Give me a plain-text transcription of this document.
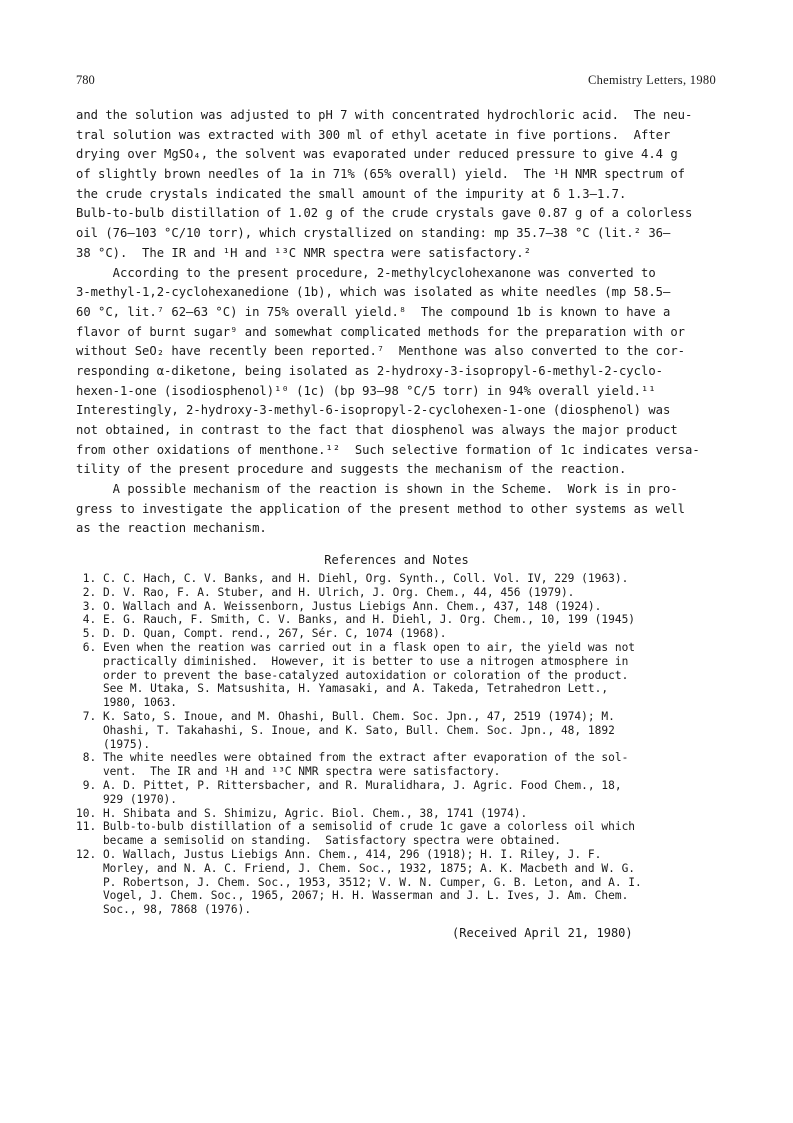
780	Chemistry Letters, 1980
and the solution was adjusted to pH 7 with concentrated hydrochloric acid.  The neu-
tral solution was extracted with 300 ml of ethyl acetate in five portions.  After
drying over MgSO₄, the solvent was evaporated under reduced pressure to give 4.4 g
of slightly brown needles of 1a in 71% (65% overall) yield.  The ¹H NMR spectrum of
the crude crystals indicated the small amount of the impurity at δ 1.3–1.7.
Bulb-to-bulb distillation of 1.02 g of the crude crystals gave 0.87 g of a colorless
oil (76–103 °C/10 torr), which crystallized on standing: mp 35.7–38 °C (lit.² 36–
38 °C).  The IR and ¹H and ¹³C NMR spectra were satisfactory.²
According to the present procedure, 2-methylcyclohexanone was converted to
3-methyl-1,2-cyclohexanedione (1b), which was isolated as white needles (mp 58.5–
60 °C, lit.⁷ 62–63 °C) in 75% overall yield.⁸  The compound 1b is known to have a
flavor of burnt sugar⁹ and somewhat complicated methods for the preparation with or
without SeO₂ have recently been reported.⁷  Menthone was also converted to the cor-
responding α-diketone, being isolated as 2-hydroxy-3-isopropyl-6-methyl-2-cyclo-
hexen-1-one (isodiosphenol)¹⁰ (1c) (bp 93–98 °C/5 torr) in 94% overall yield.¹¹
Interestingly, 2-hydroxy-3-methyl-6-isopropyl-2-cyclohexen-1-one (diosphenol) was
not obtained, in contrast to the fact that diosphenol was always the major product
from other oxidations of menthone.¹²  Such selective formation of 1c indicates versa-
tility of the present procedure and suggests the mechanism of the reaction.
A possible mechanism of the reaction is shown in the Scheme.  Work is in pro-
gress to investigate the application of the present method to other systems as well
as the reaction mechanism.
References and Notes
1. C. C. Hach, C. V. Banks, and H. Diehl, Org. Synth., Coll. Vol. IV, 229 (1963).
2. D. V. Rao, F. A. Stuber, and H. Ulrich, J. Org. Chem., 44, 456 (1979).
3. O. Wallach and A. Weissenborn, Justus Liebigs Ann. Chem., 437, 148 (1924).
4. E. G. Rauch, F. Smith, C. V. Banks, and H. Diehl, J. Org. Chem., 10, 199 (1945)
5. D. D. Quan, Compt. rend., 267, Sér. C, 1074 (1968).
6. Even when the reation was carried out in a flask open to air, the yield was not
practically diminished.  However, it is better to use a nitrogen atmosphere in
order to prevent the base-catalyzed autoxidation or coloration of the product.
See M. Utaka, S. Matsushita, H. Yamasaki, and A. Takeda, Tetrahedron Lett.,
1980, 1063.
7. K. Sato, S. Inoue, and M. Ohashi, Bull. Chem. Soc. Jpn., 47, 2519 (1974); M.
Ohashi, T. Takahashi, S. Inoue, and K. Sato, Bull. Chem. Soc. Jpn., 48, 1892
(1975).
8. The white needles were obtained from the extract after evaporation of the sol-
vent.  The IR and ¹H and ¹³C NMR spectra were satisfactory.
9. A. D. Pittet, P. Rittersbacher, and R. Muralidhara, J. Agric. Food Chem., 18,
929 (1970).
10. H. Shibata and S. Shimizu, Agric. Biol. Chem., 38, 1741 (1974).
11. Bulb-to-bulb distillation of a semisolid of crude 1c gave a colorless oil which
became a semisolid on standing.  Satisfactory spectra were obtained.
12. O. Wallach, Justus Liebigs Ann. Chem., 414, 296 (1918); H. I. Riley, J. F.
Morley, and N. A. C. Friend, J. Chem. Soc., 1932, 1875; A. K. Macbeth and W. G.
P. Robertson, J. Chem. Soc., 1953, 3512; V. W. N. Cumper, G. B. Leton, and A. I.
Vogel, J. Chem. Soc., 1965, 2067; H. H. Wasserman and J. L. Ives, J. Am. Chem.
Soc., 98, 7868 (1976).
(Received April 21, 1980)
